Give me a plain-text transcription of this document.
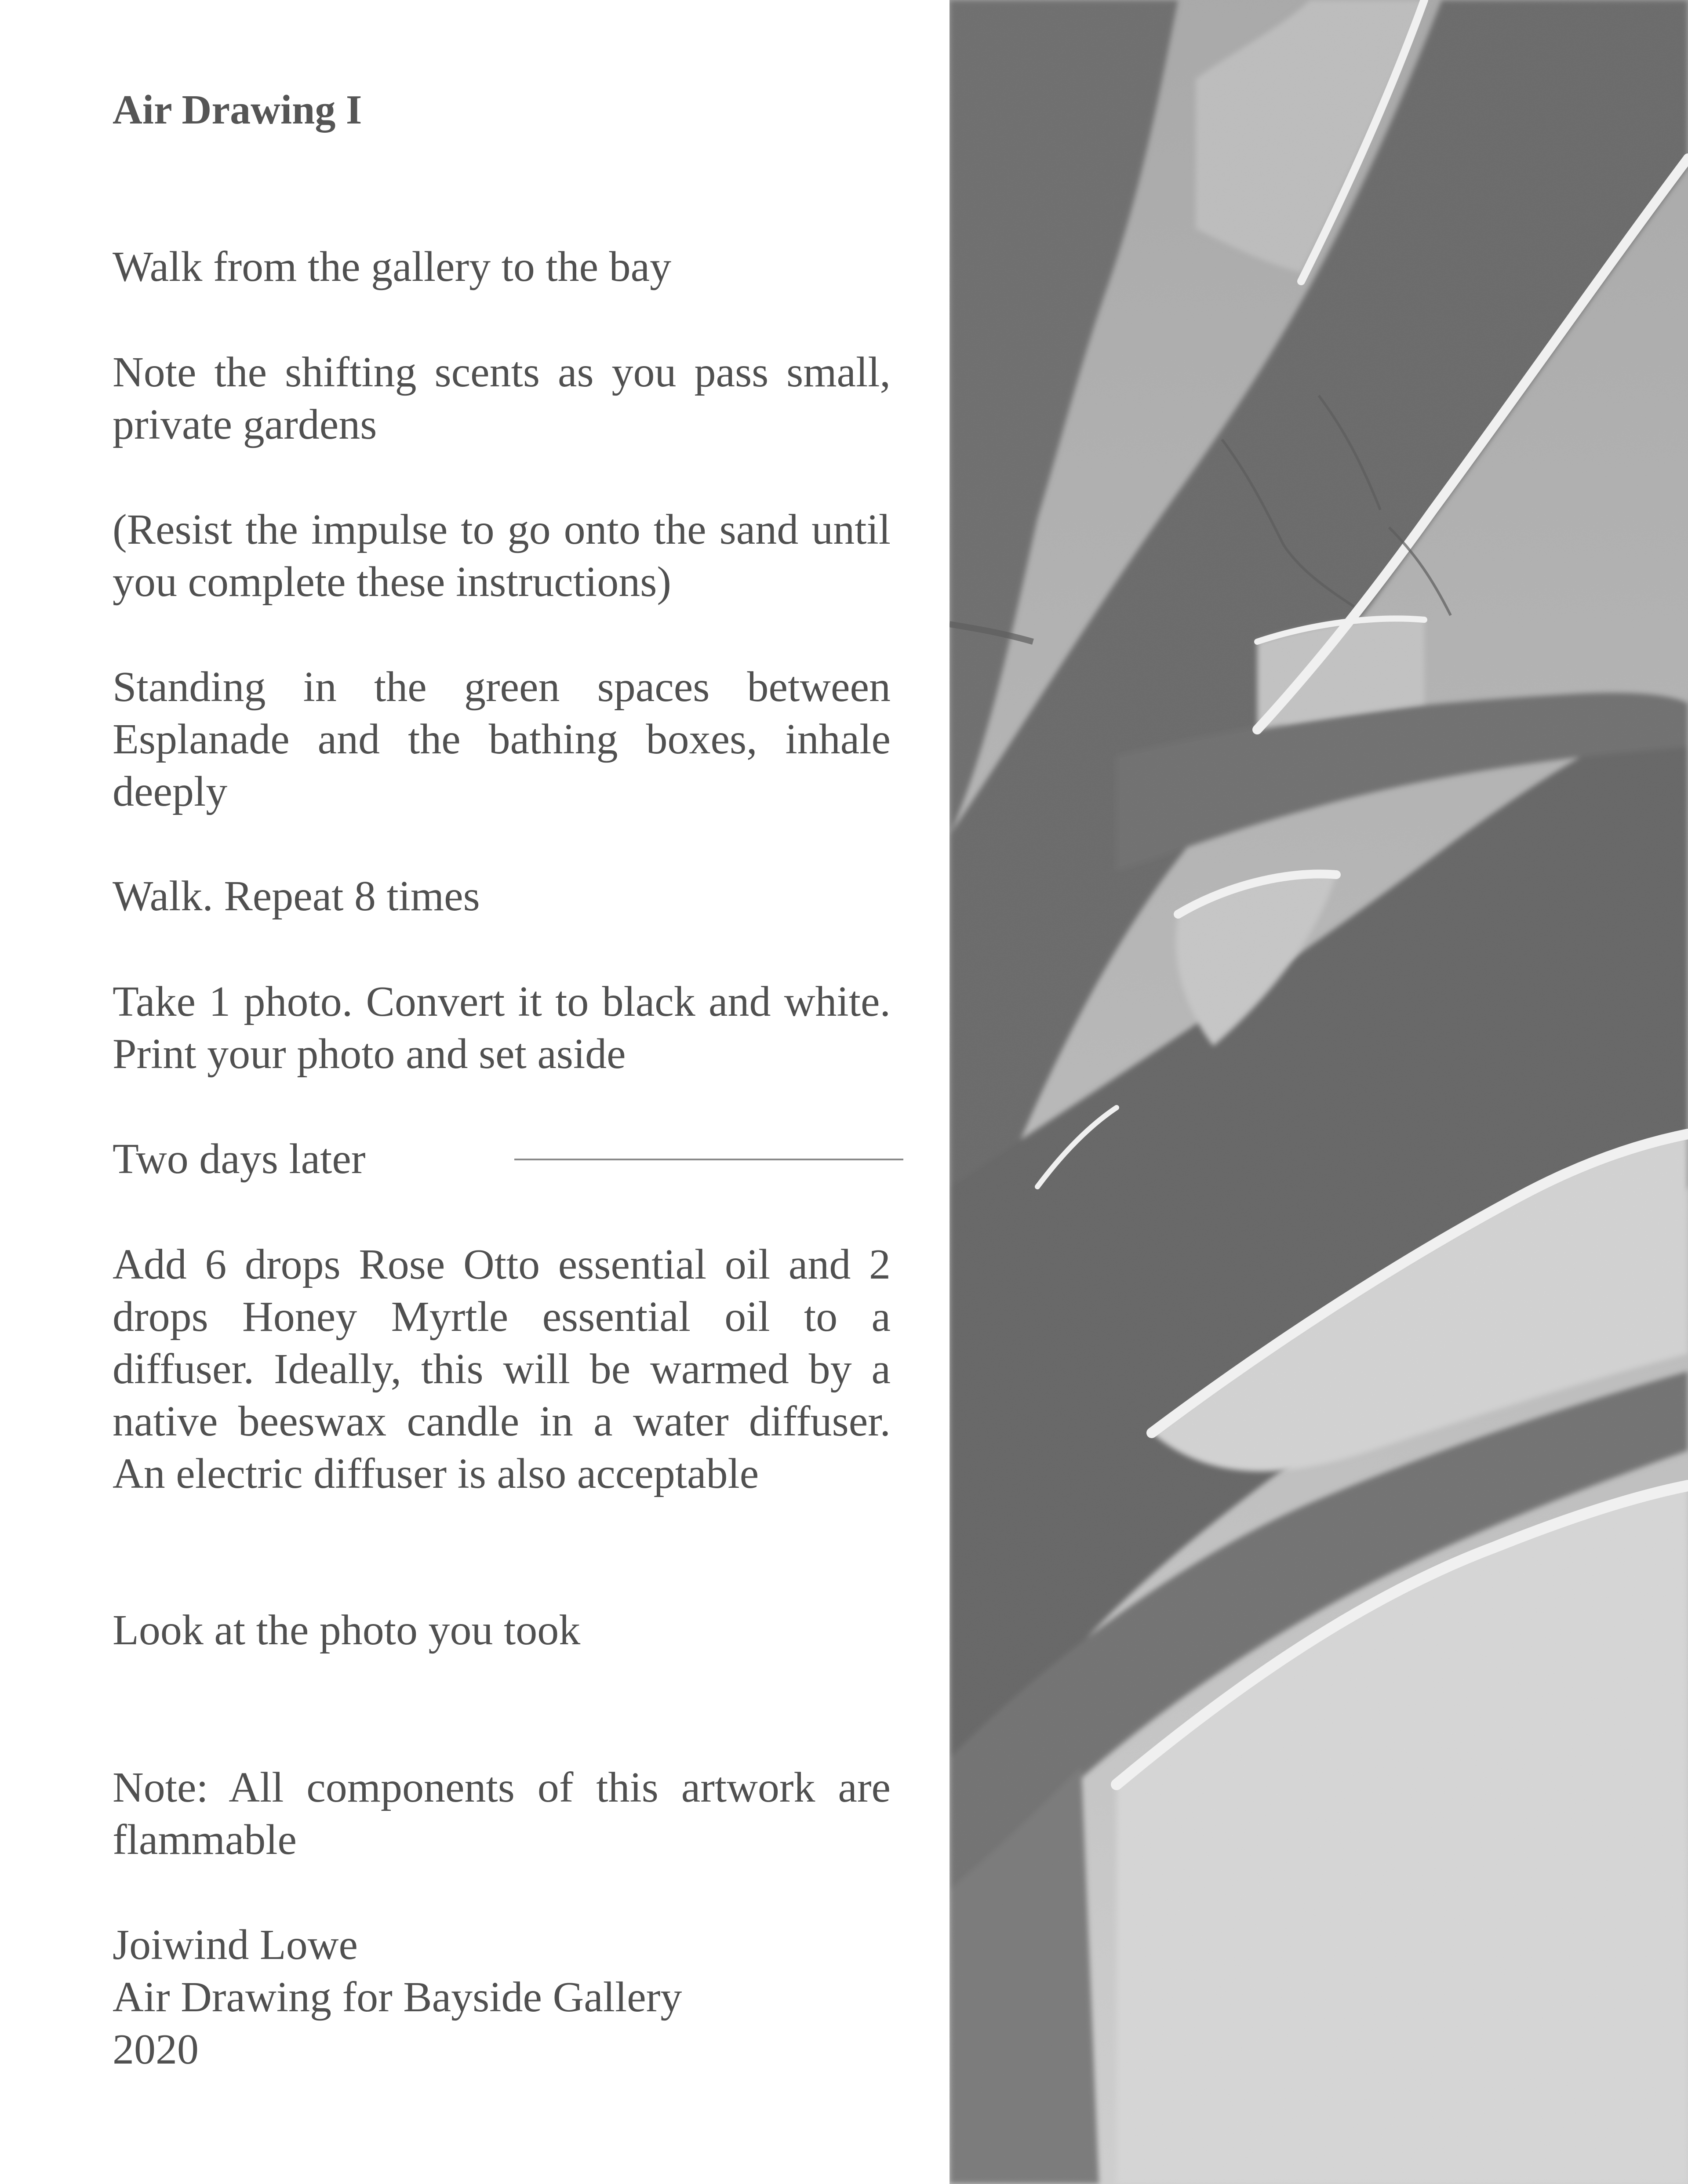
Air Drawing I

Walk from the gallery to the bay

Note the shifting scents as you pass small, private gardens

(Resist the impulse to go onto the sand until you complete these instructions)

Standing in the green spaces between Esplanade and the bathing boxes, inhale deeply

Walk. Repeat 8 times

Take 1 photo. Convert it to black and white. Print your photo and set aside

Two days later

Add 6 drops Rose Otto essential oil and 2 drops Honey Myrtle essential oil to a diffuser. Ideally, this will be warmed by a native beeswax candle in a water diffuser. An electric diffuser is also acceptable

Look at the photo you took

Note: All components of this artwork are flammable

Joiwind Lowe
Air Drawing for Bayside Gallery
2020
